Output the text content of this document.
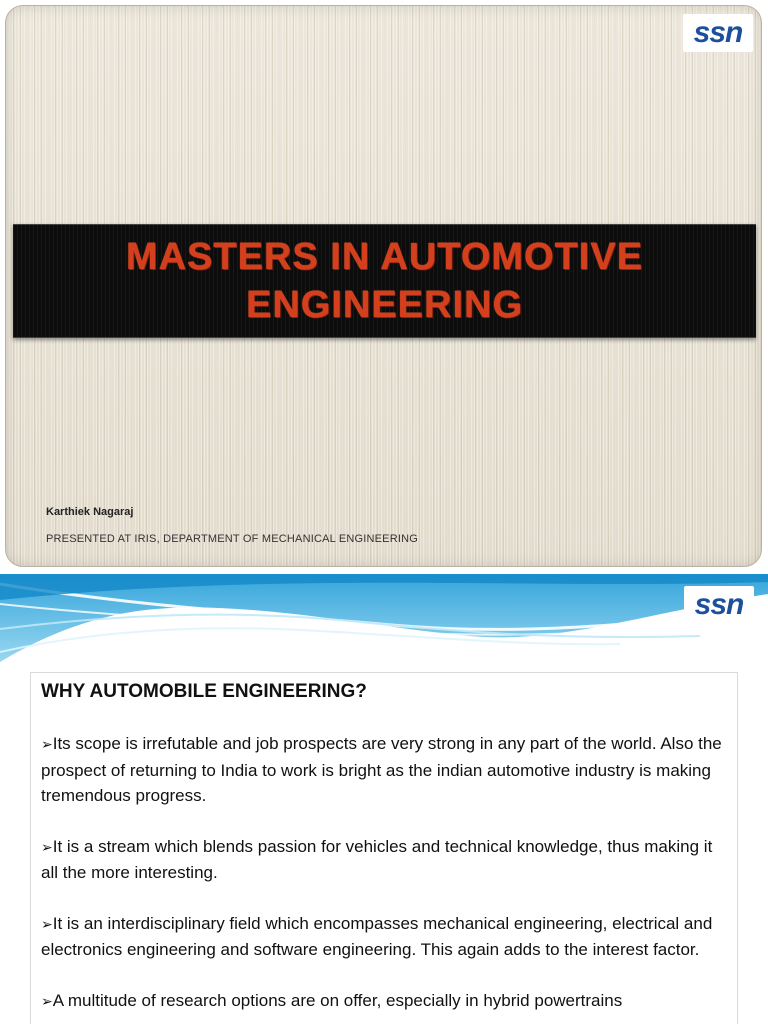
ssn
MASTERS IN AUTOMOTIVE
ENGINEERING
Karthiek Nagaraj
PRESENTED AT IRIS, DEPARTMENT OF MECHANICAL ENGINEERING
ssn
WHY AUTOMOBILE ENGINEERING?
➢Its scope is irrefutable and job prospects are very strong in any part of the world. Also the prospect of returning to India to work is bright as the indian automotive industry is making tremendous progress.
➢It is a stream which blends passion for vehicles and technical knowledge, thus making it all the more interesting.
➢It is an interdisciplinary field which encompasses mechanical engineering, electrical and electronics engineering and software engineering. This again adds to the interest factor.
➢A multitude of research options are on offer, especially in hybrid powertrains
